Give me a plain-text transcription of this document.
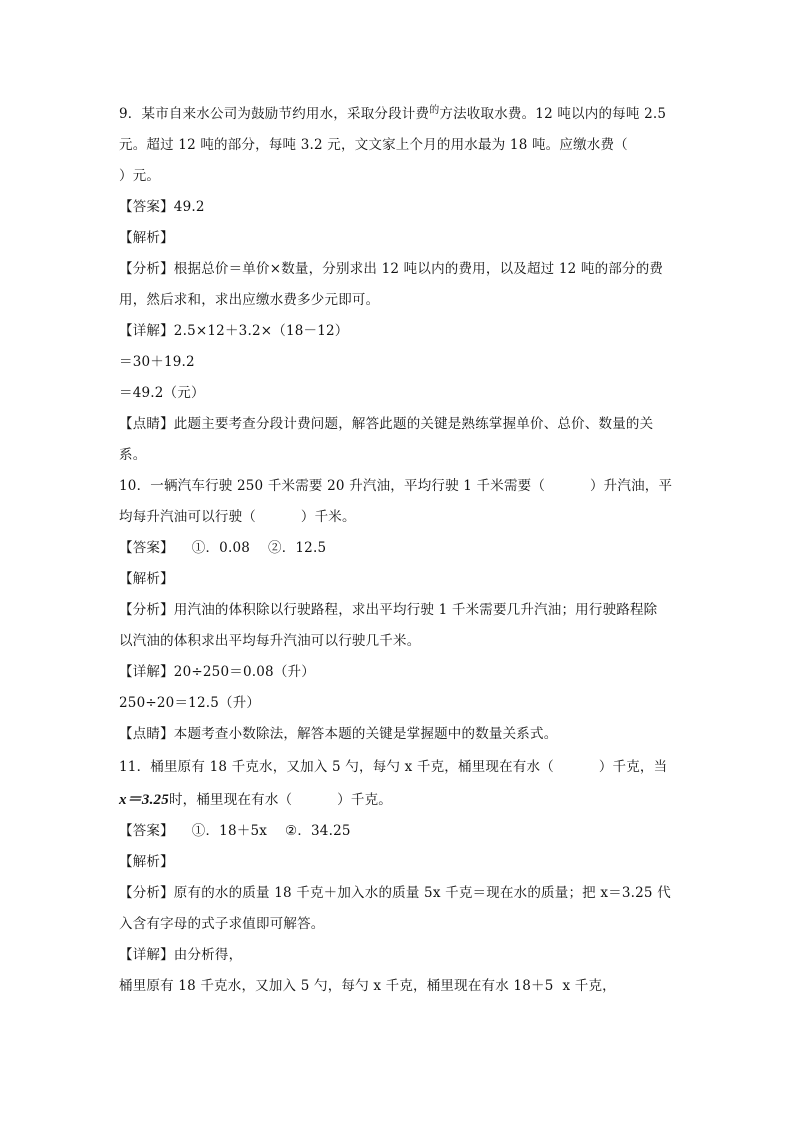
9．某市自来水公司为鼓励节约用水，采取分段计费$^的$方法收取水费。12 吨以内的每吨 2.5
元。超过 12 吨的部分，每吨 3.2 元，文文家上个月的用水最为 18 吨。应缴水费（
）元。
【答案】49.2
【解析】
【分析】根据总价＝单价×数量，分别求出 12 吨以内的费用，以及超过 12 吨的部分的费
用，然后求和，求出应缴水费多少元即可。
【详解】2.5×12＋3.2×（18－12）
＝30＋19.2
＝49.2（元）
【点睛】此题主要考查分段计费问题，解答此题的关键是熟练掌握单价、总价、数量的关
系。
10．一辆汽车行驶 250 千米需要 20 升汽油，平均行驶 1 千米需要（          ）升汽油，平
均每升汽油可以行驶（          ）千米。
【答案】    ①．0.08    ②．12.5
【解析】
【分析】用汽油的体积除以行驶路程，求出平均行驶 1 千米需要几升汽油；用行驶路程除
以汽油的体积求出平均每升汽油可以行驶几千米。
【详解】20÷250＝0.08（升）
250÷20＝12.5（升）
【点睛】本题考查小数除法，解答本题的关键是掌握题中的数量关系式。
11．桶里原有 18 千克水，又加入 5 勺，每勺 x 千克，桶里现在有水（          ）千克，当
x＝3.25时，桶里现在有水（          ）千克。
【答案】    ①．18＋5x    ②．34.25
【解析】
【分析】原有的水的质量 18 千克＋加入水的质量 5x 千克＝现在水的质量；把 x＝3.25 代
入含有字母的式子求值即可解答。
【详解】由分析得，
桶里原有 18 千克水，又加入 5 勺，每勺 x 千克，桶里现在有水 18＋5  x 千克，
